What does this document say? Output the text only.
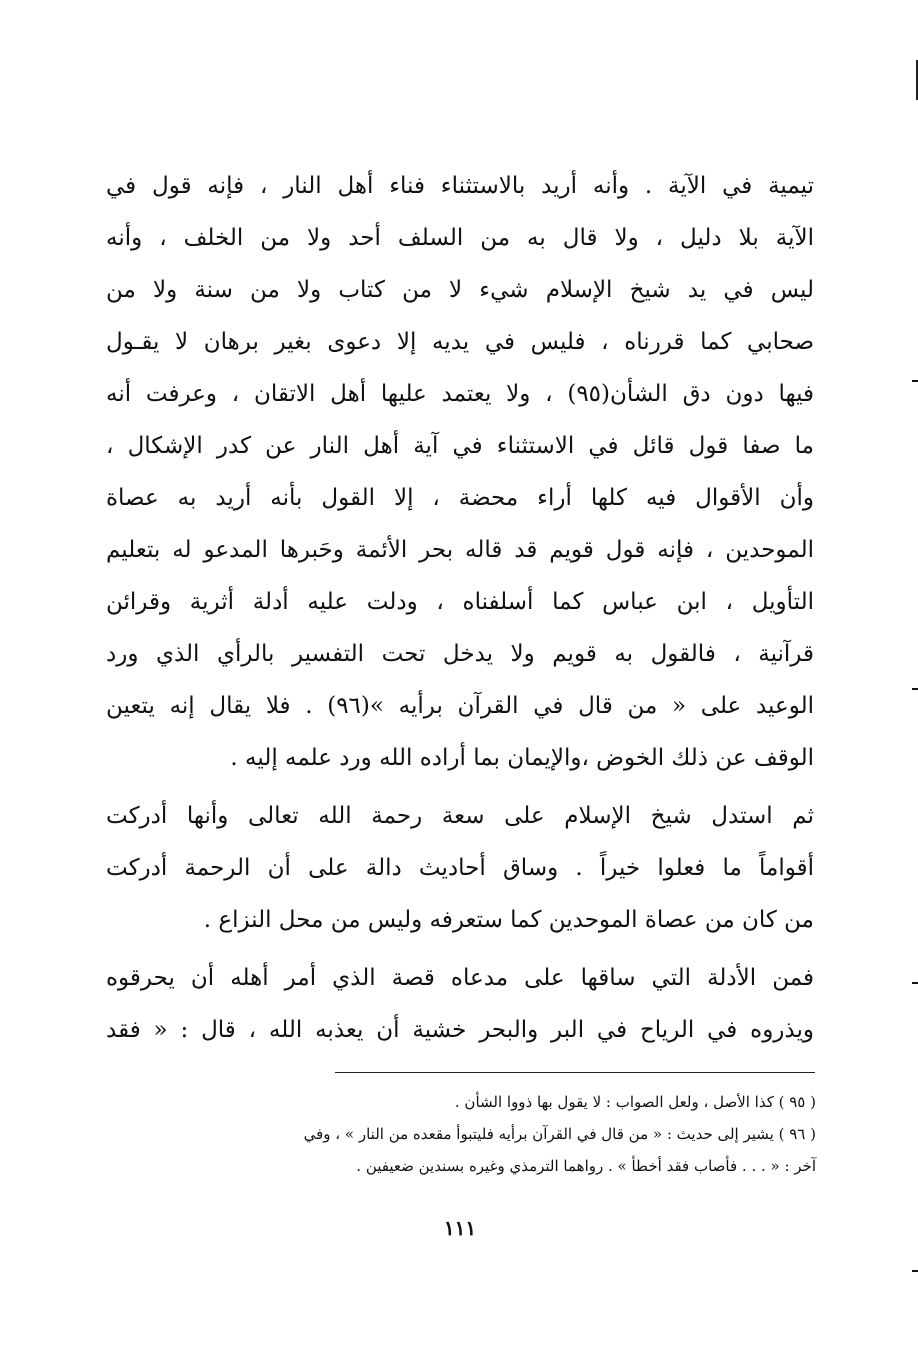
تيمية في الآية . وأنه أريد بالاستثناء فناء أهل النار ، فإنه قول في
الآية بلا دليل ، ولا قال به من السلف أحد ولا من الخلف ، وأنه
ليس في يد شيخ الإسلام شيء لا من كتاب ولا من سنة ولا من
صحابي كما قررناه ، فليس في يديه إلا دعوى بغير برهان لا يقـول
فيها دون دق الشأن(٩٥) ، ولا يعتمد عليها أهل الاتقان ، وعرفت أنه
ما صفا قول قائل في الاستثناء في آية أهل النار عن كدر الإشكال ،
وأن الأقوال فيه كلها أراء محضة ، إلا القول بأنه أريد به عصاة
الموحدين ، فإنه قول قويم قد قاله بحر الأئمة وحَبرها المدعو له بتعليم
التأويل ، ابن عباس كما أسلفناه ، ودلت عليه أدلة أثرية وقرائن
قرآنية ، فالقول به قويم ولا يدخل تحت التفسير بالرأي الذي ورد
الوعيد على « من قال في القرآن برأيه »(٩٦) . فلا يقال إنه يتعين
الوقف عن ذلك الخوض ،والإيمان بما أراده الله ورد علمه إليه .
ثم استدل شيخ الإسلام على سعة رحمة الله تعالى وأنها أدركت
أقواماً ما فعلوا خيراً . وساق أحاديث دالة على أن الرحمة أدركت
من كان من عصاة الموحدين كما ستعرفه وليس من محل النزاع .
فمن الأدلة التي ساقها على مدعاه قصة الذي أمر أهله أن يحرقوه
ويذروه في الرياح في البر والبحر خشية أن يعذبه الله ، قال : « فقد
( ٩٥ ) كذا الأصل ، ولعل الصواب : لا يقول بها ذووا الشأن .
( ٩٦ ) يشير إلى حديث : « من قال في القرآن برأيه فليتبوأ مقعده من النار » ، وفي
آخر : « . . . فأصاب فقد أخطأ » . رواهما الترمذي وغيره بسندين ضعيفين .
١١١
